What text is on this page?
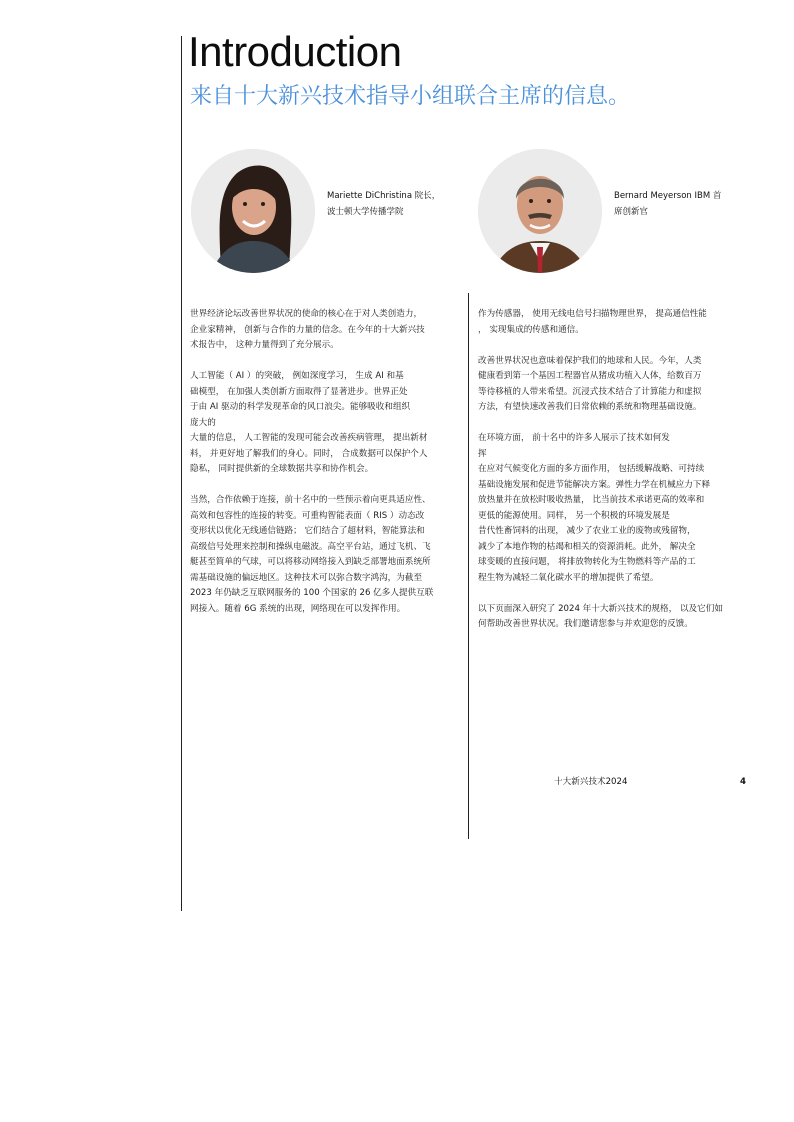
Introduction
来自十大新兴技术指导小组联合主席的信息。
Mariette DiChristina 院长，
波士顿大学传播学院
Bernard Meyerson IBM 首
席创新官

世界经济论坛改善世界状况的使命的核心在于对人类创造力，
企业家精神， 创新与合作的力量的信念。在今年的十大新兴技
术报告中， 这种力量得到了充分展示。

人工智能（ AI ）的突破， 例如深度学习， 生成 AI 和基
础模型， 在加强人类创新方面取得了显著进步。世界正处
于由 AI 驱动的科学发现革命的风口浪尖。能够吸收和组织
庞大的
大量的信息， 人工智能的发现可能会改善疾病管理， 提出新材
料， 并更好地了解我们的身心。同时， 合成数据可以保护个人
隐私， 同时提供新的全球数据共享和协作机会。

当然，合作依赖于连接，前十名中的一些预示着向更具适应性、
高效和包容性的连接的转变。可重构智能表面（ RIS ）动态改
变形状以优化无线通信链路； 它们结合了超材料，智能算法和
高级信号处理来控制和操纵电磁波。高空平台站，通过飞机、飞
艇甚至简单的气球，可以将移动网络接入到缺乏部署地面系统所
需基础设施的偏远地区。这种技术可以弥合数字鸿沟，为截至
2023 年仍缺乏互联网服务的 100 个国家的 26 亿多人提供互联
网接入。随着 6G 系统的出现，网络现在可以发挥作用。

作为传感器， 使用无线电信号扫描物理世界， 提高通信性能
， 实现集成的传感和通信。

改善世界状况也意味着保护我们的地球和人民。今年，人类
健康看到第一个基因工程器官从猪成功植入人体，给数百万
等待移植的人带来希望。沉浸式技术结合了计算能力和虚拟
方法，有望快速改善我们日常依赖的系统和物理基础设施。

在环境方面， 前十名中的许多人展示了技术如何发
挥
在应对气候变化方面的多方面作用， 包括缓解战略、可持续
基础设施发展和促进节能解决方案。弹性力学在机械应力下释
放热量并在放松时吸收热量， 比当前技术承诺更高的效率和
更低的能源使用。同样， 另一个积极的环境发展是
昔代性畜饲料的出现， 减少了农业工业的废物或残留物，
减少了本地作物的枯竭和相关的资源消耗。此外， 解决全
球变暖的直接问题， 将排放物转化为生物燃料等产品的工
程生物为减轻二氧化碳水平的增加提供了希望。

以下页面深入研究了 2024 年十大新兴技术的规格， 以及它们如
何帮助改善世界状况。我们邀请您参与并欢迎您的反馈。

十大新兴技术2024	4
